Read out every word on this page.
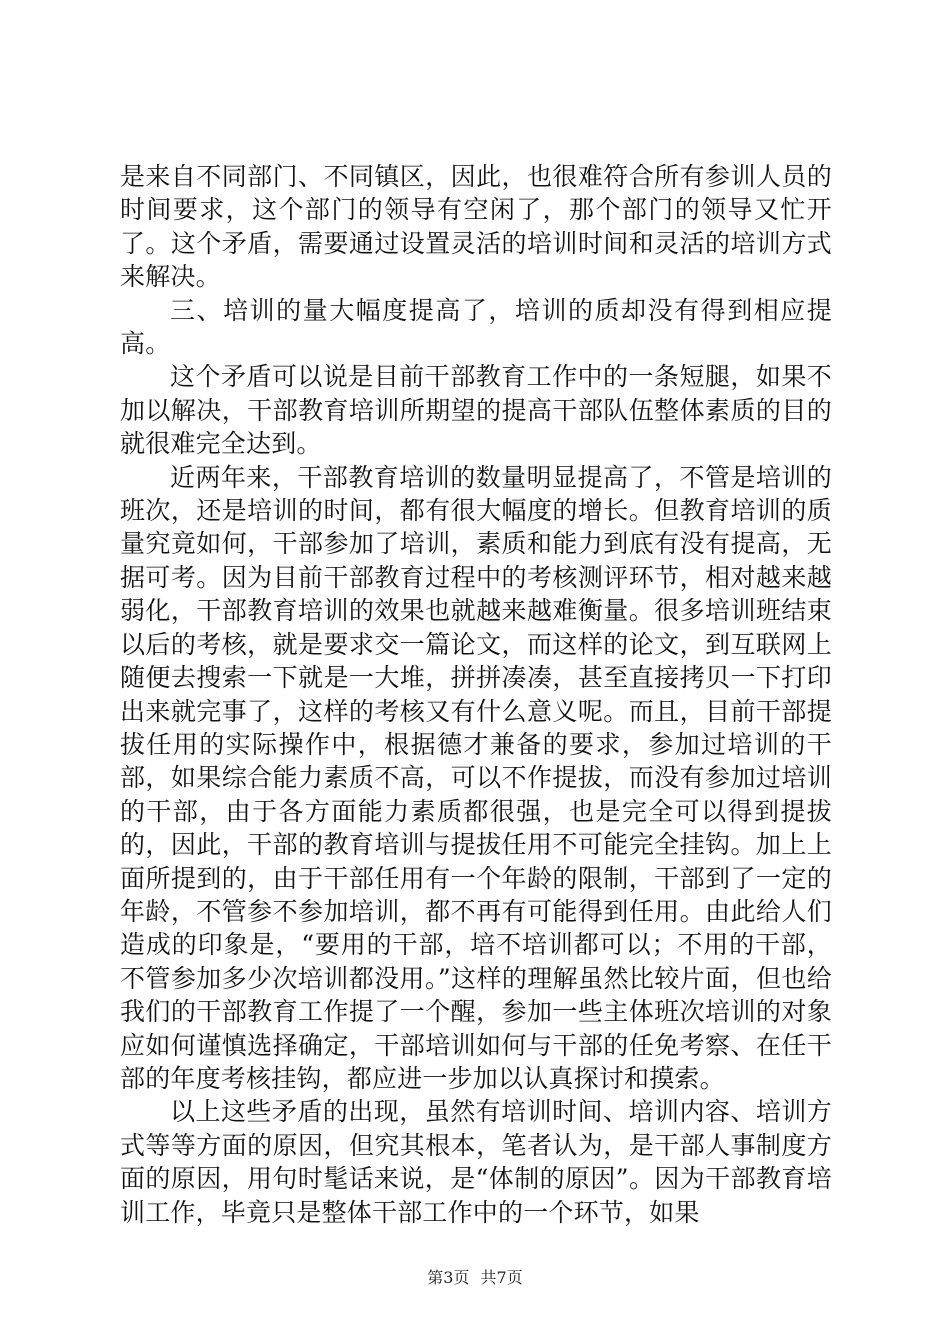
是来自不同部门、不同镇区，因此，也很难符合所有参训人员的时间要求，这个部门的领导有空闲了，那个部门的领导又忙开了。这个矛盾，需要通过设置灵活的培训时间和灵活的培训方式来解决。

三、培训的量大幅度提高了，培训的质却没有得到相应提高。

这个矛盾可以说是目前干部教育工作中的一条短腿，如果不加以解决，干部教育培训所期望的提高干部队伍整体素质的目的就很难完全达到。

近两年来，干部教育培训的数量明显提高了，不管是培训的班次，还是培训的时间，都有很大幅度的增长。但教育培训的质量究竟如何，干部参加了培训，素质和能力到底有没有提高，无据可考。因为目前干部教育过程中的考核测评环节，相对越来越弱化，干部教育培训的效果也就越来越难衡量。很多培训班结束以后的考核，就是要求交一篇论文，而这样的论文，到互联网上随便去搜索一下就是一大堆，拼拼凑凑，甚至直接拷贝一下打印出来就完事了，这样的考核又有什么意义呢。而且，目前干部提拔任用的实际操作中，根据德才兼备的要求，参加过培训的干部，如果综合能力素质不高，可以不作提拔，而没有参加过培训的干部，由于各方面能力素质都很强，也是完全可以得到提拔的，因此，干部的教育培训与提拔任用不可能完全挂钩。加上上面所提到的，由于干部任用有一个年龄的限制，干部到了一定的年龄，不管参不参加培训，都不再有可能得到任用。由此给人们造成的印象是，“要用的干部，培不培训都可以；不用的干部，不管参加多少次培训都没用。”这样的理解虽然比较片面，但也给我们的干部教育工作提了一个醒，参加一些主体班次培训的对象应如何谨慎选择确定，干部培训如何与干部的任免考察、在任干部的年度考核挂钩，都应进一步加以认真探讨和摸索。

以上这些矛盾的出现，虽然有培训时间、培训内容、培训方式等等方面的原因，但究其根本，笔者认为，是干部人事制度方面的原因，用句时髦话来说，是“体制的原因”。因为干部教育培训工作，毕竟只是整体干部工作中的一个环节，如果

第3页 共7页
